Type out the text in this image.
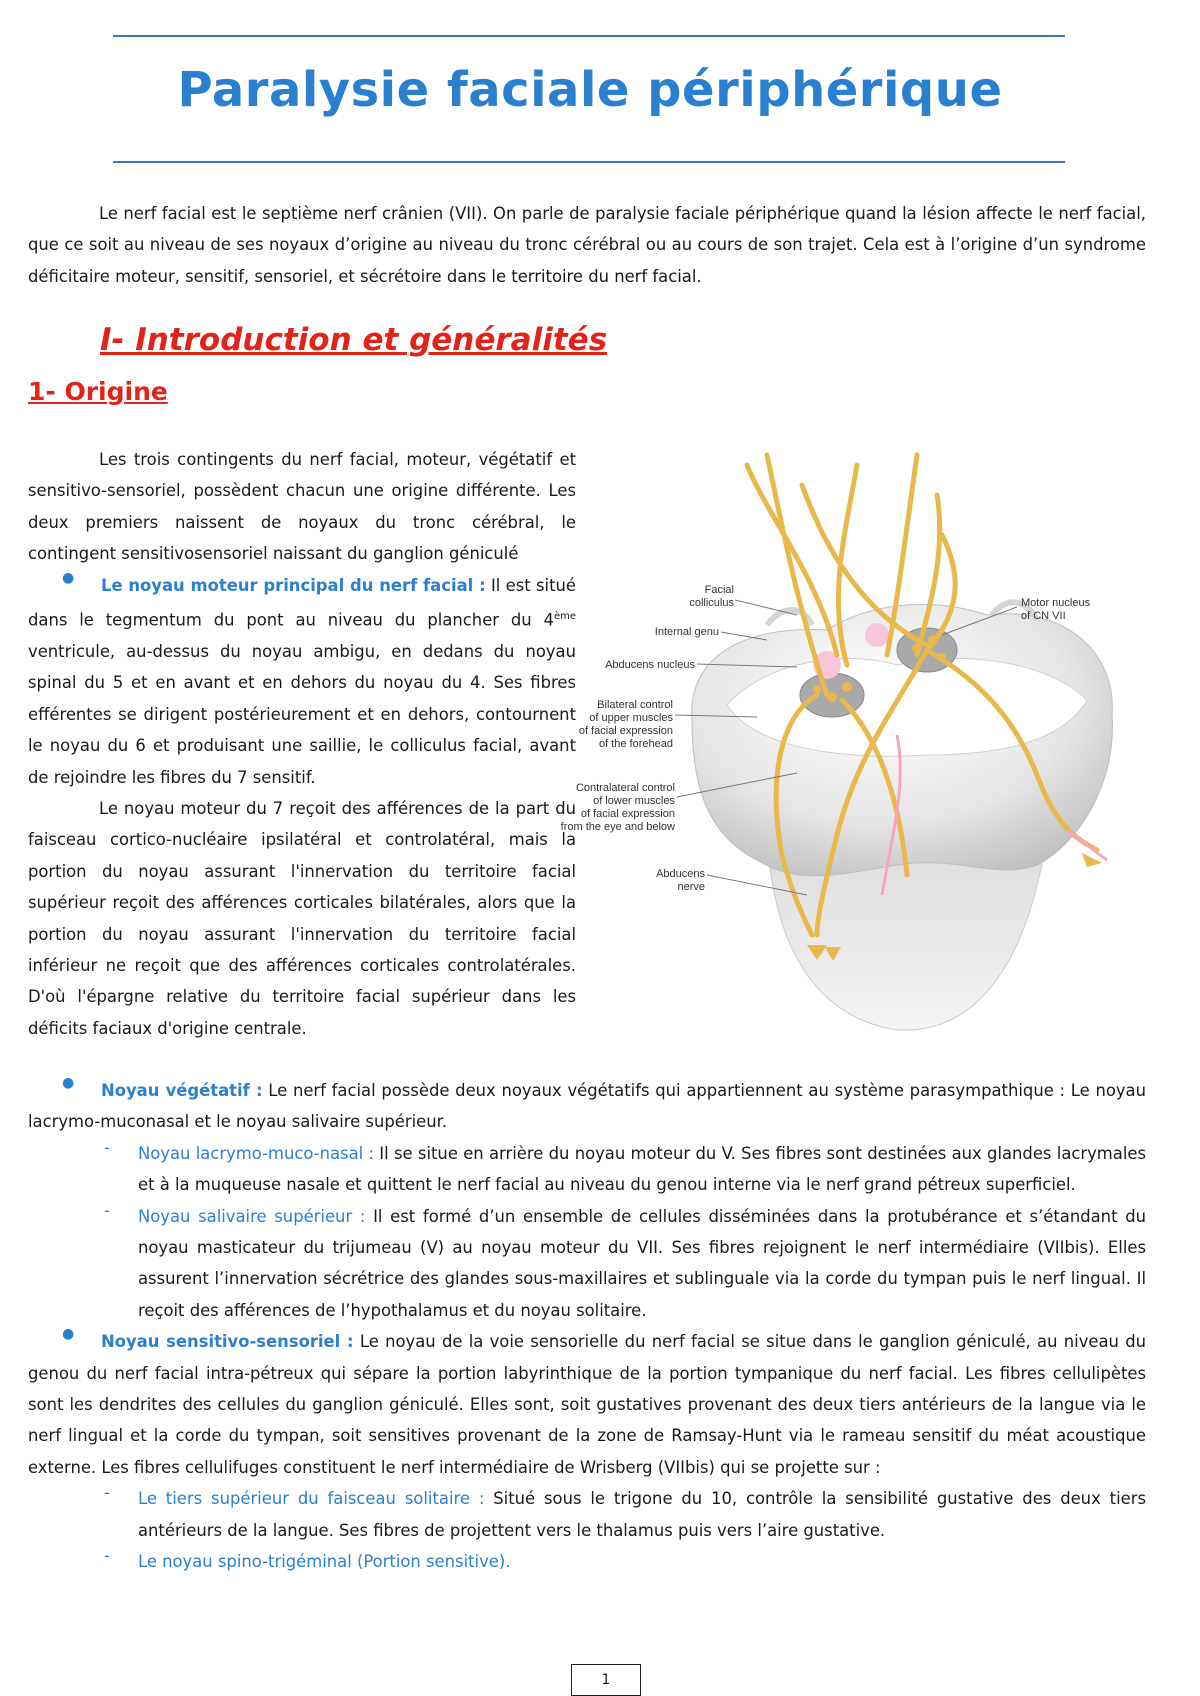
Paralysie faciale périphérique

Le nerf facial est le septième nerf crânien (VII). On parle de paralysie faciale périphérique quand la lésion affecte le nerf facial, que ce soit au niveau de ses noyaux d’origine au niveau du tronc cérébral ou au cours de son trajet. Cela est à l’origine d’un syndrome déficitaire moteur, sensitif, sensoriel, et sécrétoire dans le territoire du nerf facial.

I- Introduction et généralités
1- Origine

Les trois contingents du nerf facial, moteur, végétatif et sensitivo-sensoriel, possèdent chacun une origine différente. Les deux premiers naissent de noyaux du tronc cérébral, le contingent sensitivosensoriel naissant du ganglion géniculé

●	Le noyau moteur principal du nerf facial : Il est situé dans le tegmentum du pont au niveau du plancher du 4ème ventricule, au-dessus du noyau ambigu, en dedans du noyau spinal du 5 et en avant et en dehors du noyau du 4. Ses fibres efférentes se dirigent postérieurement et en dehors, contournent le noyau du 6 et produisant une saillie, le colliculus facial, avant de rejoindre les fibres du 7 sensitif.

Le noyau moteur du 7 reçoit des afférences de la part du faisceau cortico-nucléaire ipsilatéral et controlatéral, mais la portion du noyau assurant l'innervation du territoire facial supérieur reçoit des afférences corticales bilatérales, alors que la portion du noyau assurant l'innervation du territoire facial inférieur ne reçoit que des afférences corticales controlatérales. D'où l'épargne relative du territoire facial supérieur dans les déficits faciaux d'origine centrale.

Facial
colliculus
Internal genu
Abducens nucleus
Bilateral control
of upper muscles
of facial expression
of the forehead
Contralateral control
of lower muscles
of facial expression
from the eye and below
Abducens
nerve
Motor nucleus
of CN VII
●	Noyau végétatif : Le nerf facial possède deux noyaux végétatifs qui appartiennent au système parasympathique : Le noyau lacrymo-muconasal et le noyau salivaire supérieur.

- Noyau lacrymo-muco-nasal : Il se situe en arrière du noyau moteur du V. Ses fibres sont destinées aux glandes lacrymales et à la muqueuse nasale et quittent le nerf facial au niveau du genou interne via le nerf grand pétreux superficiel.

- Noyau salivaire supérieur : Il est formé d’un ensemble de cellules disséminées dans la protubérance et s’étandant du noyau masticateur du trijumeau (V) au noyau moteur du VII. Ses fibres rejoignent le nerf intermédiaire (VIIbis). Elles assurent l’innervation sécrétrice des glandes sous-maxillaires et sublinguale via la corde du tympan puis le nerf lingual. Il reçoit des afférences de l’hypothalamus et du noyau solitaire.

●	Noyau sensitivo-sensoriel : Le noyau de la voie sensorielle du nerf facial se situe dans le ganglion géniculé, au niveau du genou du nerf facial intra-pétreux qui sépare la portion labyrinthique de la portion tympanique du nerf facial. Les fibres cellulipètes sont les dendrites des cellules du ganglion géniculé. Elles sont, soit gustatives provenant des deux tiers antérieurs de la langue via le nerf lingual et la corde du tympan, soit sensitives provenant de la zone de Ramsay-Hunt via le rameau sensitif du méat acoustique externe. Les fibres cellulifuges constituent le nerf intermédiaire de Wrisberg (VIIbis) qui se projette sur :

- Le tiers supérieur du faisceau solitaire : Situé sous le trigone du 10, contrôle la sensibilité gustative des deux tiers antérieurs de la langue. Ses fibres de projettent vers le thalamus puis vers l’aire gustative.

- Le noyau spino-trigéminal (Portion sensitive).

1
